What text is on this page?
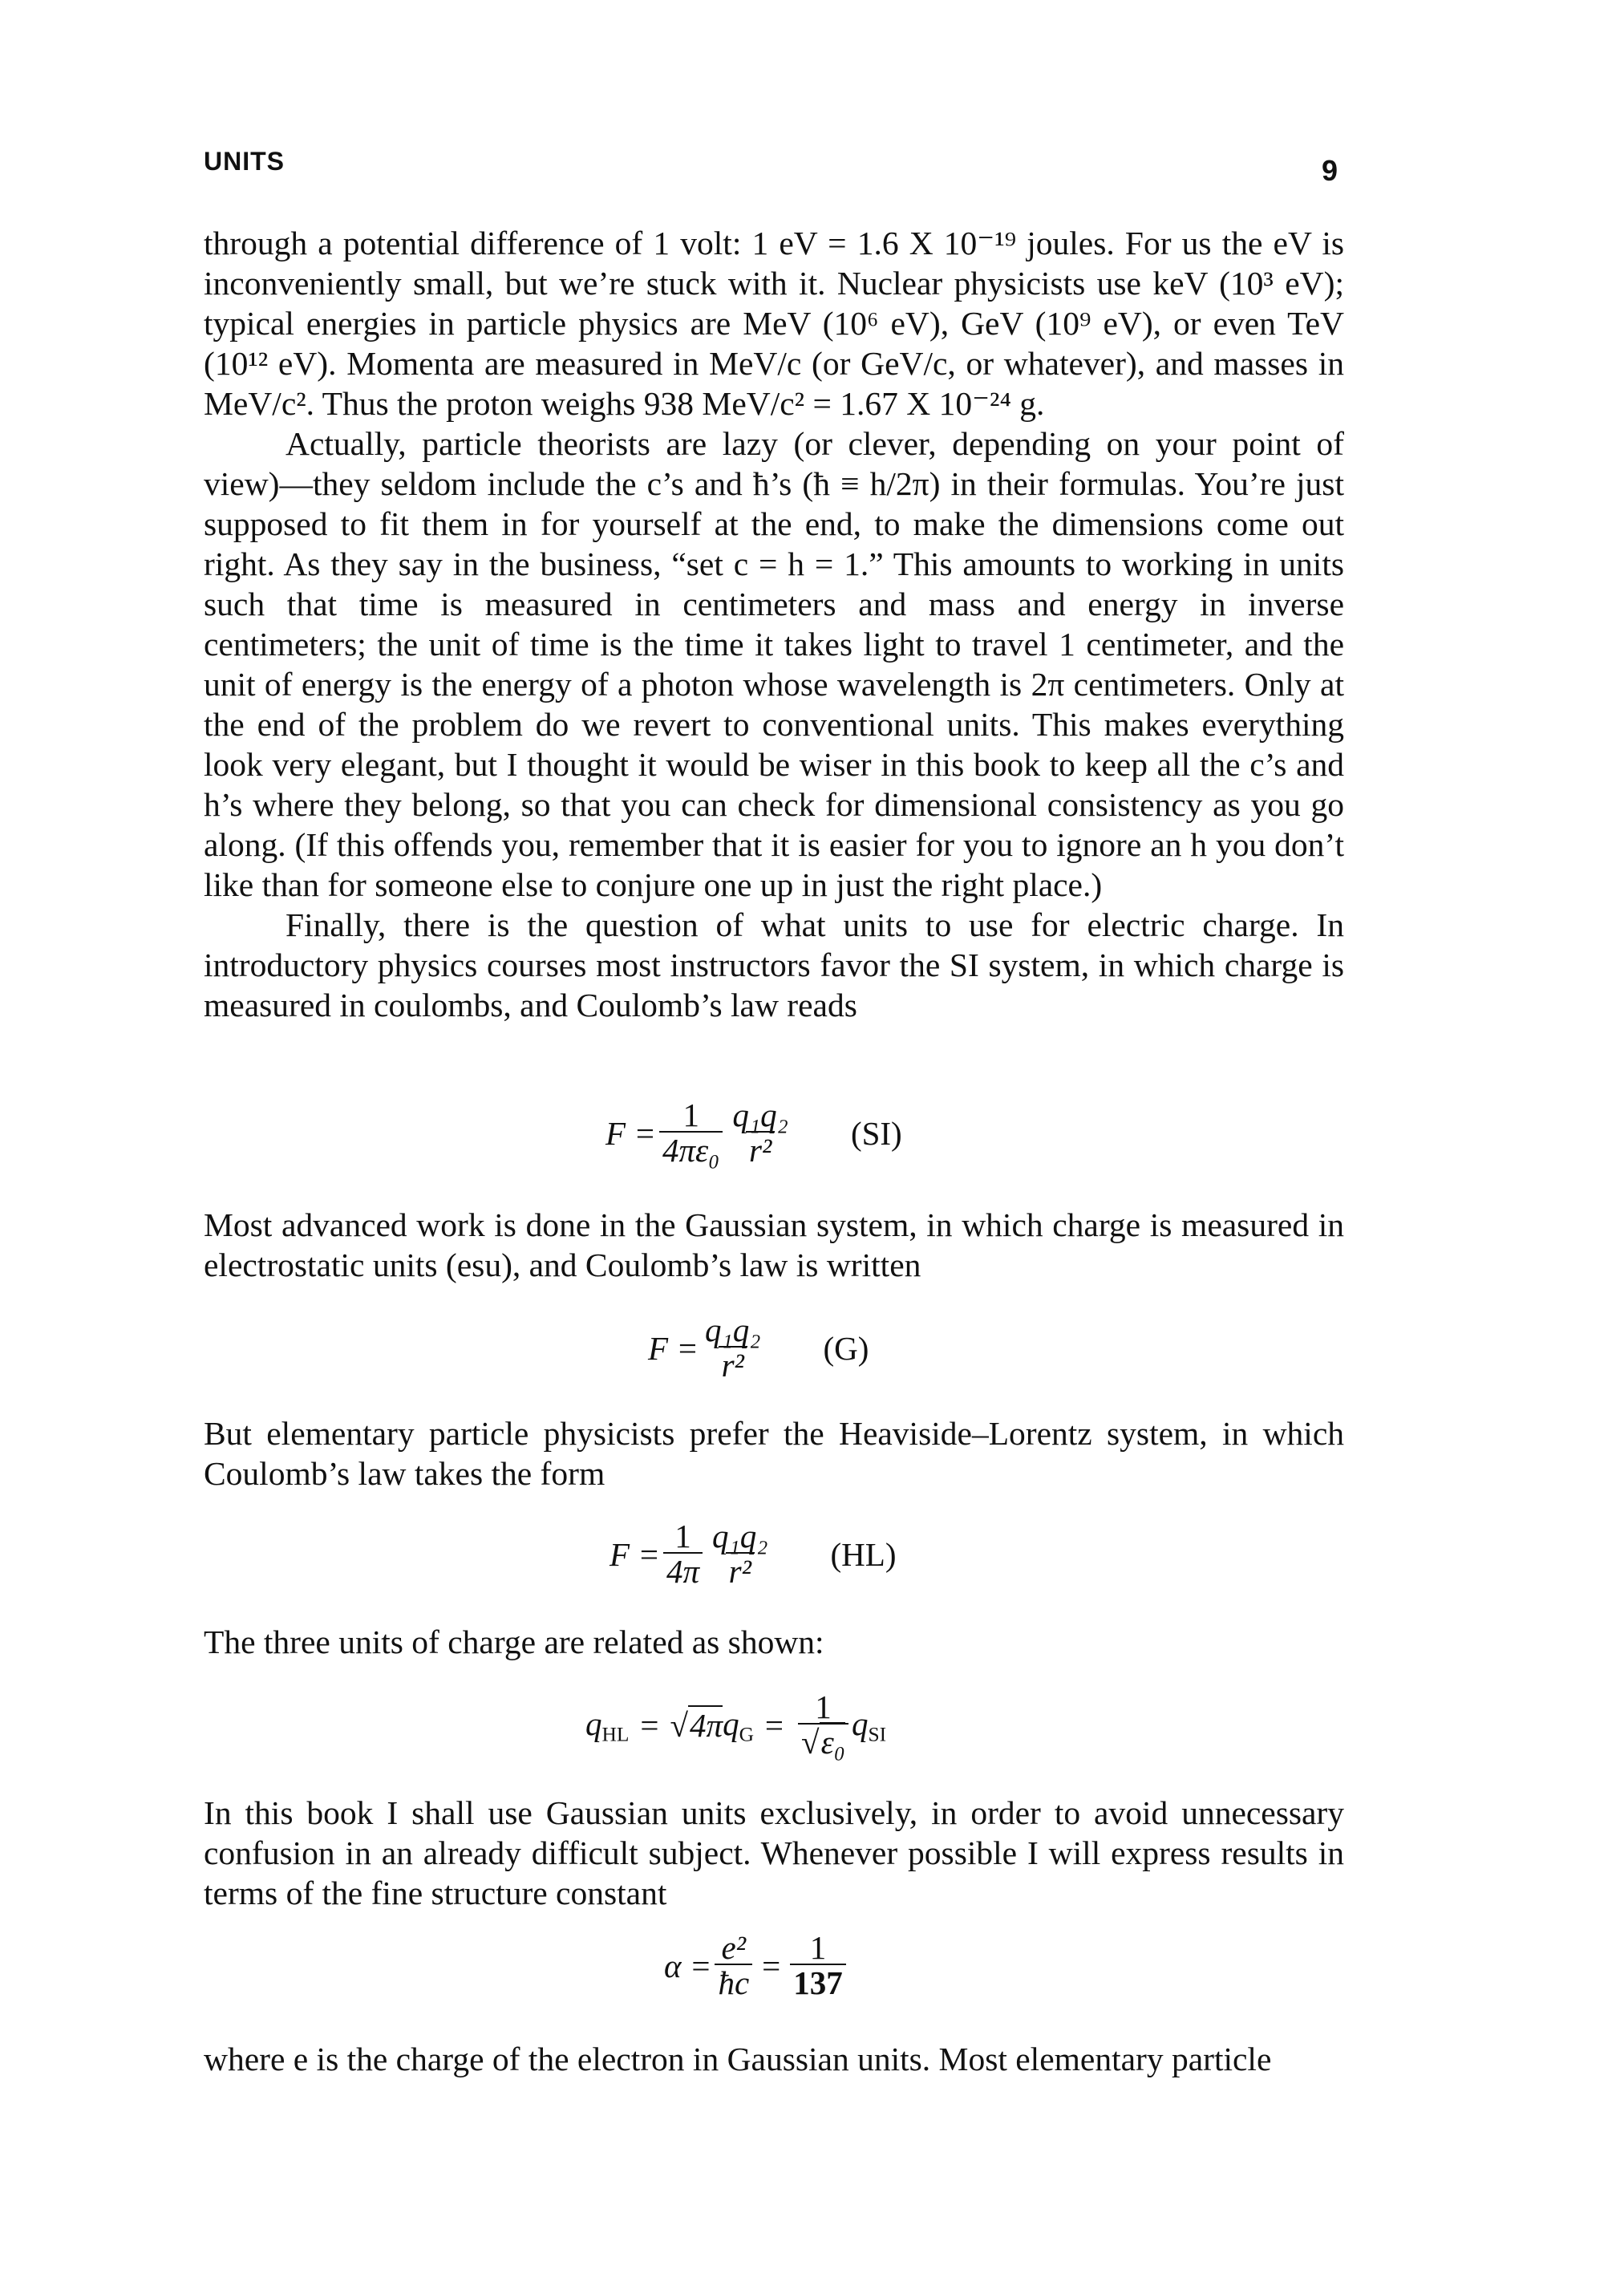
UNITS	9

through a potential difference of 1 volt: 1 eV = 1.6 X 10⁻¹⁹ joules. For us the eV is inconveniently small, but we’re stuck with it. Nuclear physicists use keV (10³ eV); typical energies in particle physics are MeV (10⁶ eV), GeV (10⁹ eV), or even TeV (10¹² eV). Momenta are measured in MeV/c (or GeV/c, or whatever), and masses in MeV/c². Thus the proton weighs 938 MeV/c² = 1.67 X 10⁻²⁴ g.

Actually, particle theorists are lazy (or clever, depending on your point of view)—they seldom include the c’s and ħ’s (ħ ≡ h/2π) in their formulas. You’re just supposed to fit them in for yourself at the end, to make the dimensions come out right. As they say in the business, “set c = h = 1.” This amounts to working in units such that time is measured in centimeters and mass and energy in inverse centimeters; the unit of time is the time it takes light to travel 1 centimeter, and the unit of energy is the energy of a photon whose wavelength is 2π centimeters. Only at the end of the problem do we revert to conventional units. This makes everything look very elegant, but I thought it would be wiser in this book to keep all the c’s and h’s where they belong, so that you can check for dimensional consistency as you go along. (If this offends you, remember that it is easier for you to ignore an h you don’t like than for someone else to conjure one up in just the right place.)

Finally, there is the question of what units to use for electric charge. In introductory physics courses most instructors favor the SI system, in which charge is measured in coulombs, and Coulomb’s law reads

$F = \frac{1}{\text{4πε₀}} \frac{\text{q₁q₂}}{\text{r²}} (SI)$

Most advanced work is done in the Gaussian system, in which charge is measured in electrostatic units (esu), and Coulomb’s law is written

$F = \frac{\text{q₁q₂}}{\text{r²}} (G)$

But elementary particle physicists prefer the Heaviside–Lorentz system, in which Coulomb’s law takes the form

$F = \frac{1}{4\pi} \frac{\text{q₁q₂}}{\text{r²}} (HL)$

The three units of charge are related as shown:

$q_{HL} = √4\pi$ $q_G = \frac{1}{\text{√ε₀}} q_{SI}$

In this book I shall use Gaussian units exclusively, in order to avoid unnecessary confusion in an already difficult subject. Whenever possible I will express results in terms of the fine structure constant

$\alpha = \frac{\text{e²}}{ħc} = \frac{1}{137}$

where e is the charge of the electron in Gaussian units. Most elementary particle
